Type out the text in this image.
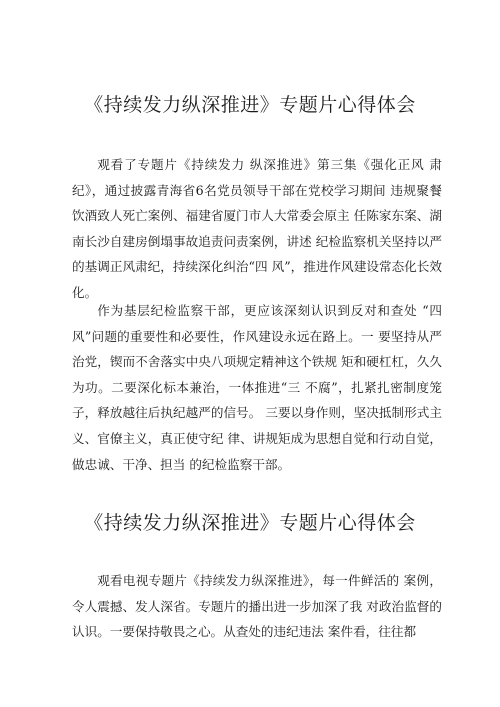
《持续发力纵深推进》专题片心得体会

观看了专题片《持续发力 纵深推进》第三集《强化正风 肃纪》，通过披露青海省6名党员领导干部在党校学习期间 违规聚餐饮酒致人死亡案例、福建省厦门市人大常委会原主 任陈家东案、湖南长沙自建房倒塌事故追责问责案例，讲述 纪检监察机关坚持以严的基调正风肃纪，持续深化纠治“四 风”，推进作风建设常态化长效化。

作为基层纪检监察干部，更应该深刻认识到反对和查处 “四风”问题的重要性和必要性，作风建设永远在路上。一 要坚持从严治党，锲而不舍落实中央八项规定精神这个铁规 矩和硬杠杠，久久为功。二要深化标本兼治，一体推进“三 不腐”，扎紧扎密制度笼子，释放越往后执纪越严的信号。 三要以身作则，坚决抵制形式主义、官僚主义，真正使守纪 律、讲规矩成为思想自觉和行动自觉，做忠诚、干净、担当 的纪检监察干部。

《持续发力纵深推进》专题片心得体会

观看电视专题片《持续发力纵深推进》，每一件鲜活的 案例，令人震撼、发人深省。专题片的播出进一步加深了我 对政治监督的认识。一要保持敬畏之心。从查处的违纪违法 案件看，往往都
